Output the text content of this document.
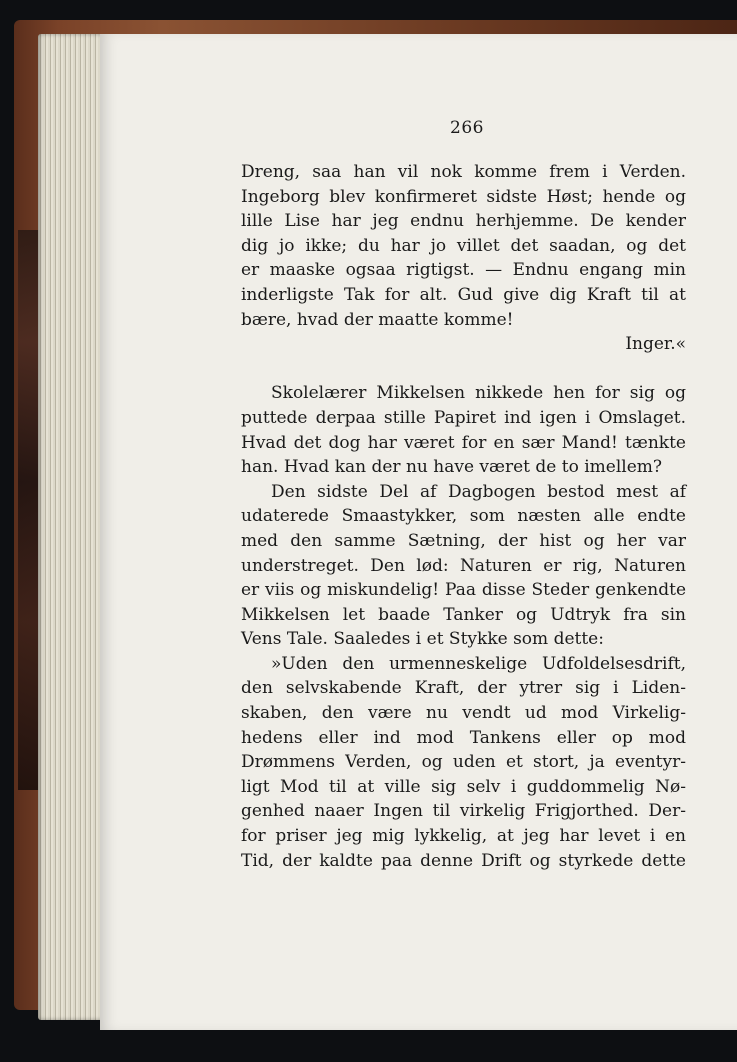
266
Dreng, saa han vil nok komme frem i Verden.
Ingeborg blev konfirmeret sidste Høst; hende og
lille Lise har jeg endnu herhjemme. De kender
dig jo ikke; du har jo villet det saadan, og det
er maaske ogsaa rigtigst. — Endnu engang min
inderligste Tak for alt. Gud give dig Kraft til at
bære, hvad der maatte komme!
Inger.«
Skolelærer Mikkelsen nikkede hen for sig og
puttede derpaa stille Papiret ind igen i Omslaget.
Hvad det dog har været for en sær Mand! tænkte
han. Hvad kan der nu have været de to imellem?
Den sidste Del af Dagbogen bestod mest af
udaterede Smaastykker, som næsten alle endte
med den samme Sætning, der hist og her var
understreget. Den lød: Naturen er rig, Naturen
er viis og miskundelig! Paa disse Steder genkendte
Mikkelsen let baade Tanker og Udtryk fra sin
Vens Tale. Saaledes i et Stykke som dette:
»Uden den urmenneskelige Udfoldelsesdrift,
den selvskabende Kraft, der ytrer sig i Liden-
skaben, den være nu vendt ud mod Virkelig-
hedens eller ind mod Tankens eller op mod
Drømmens Verden, og uden et stort, ja eventyr-
ligt Mod til at ville sig selv i guddommelig Nø-
genhed naaer Ingen til virkelig Frigjorthed. Der-
for priser jeg mig lykkelig, at jeg har levet i en
Tid, der kaldte paa denne Drift og styrkede dette
